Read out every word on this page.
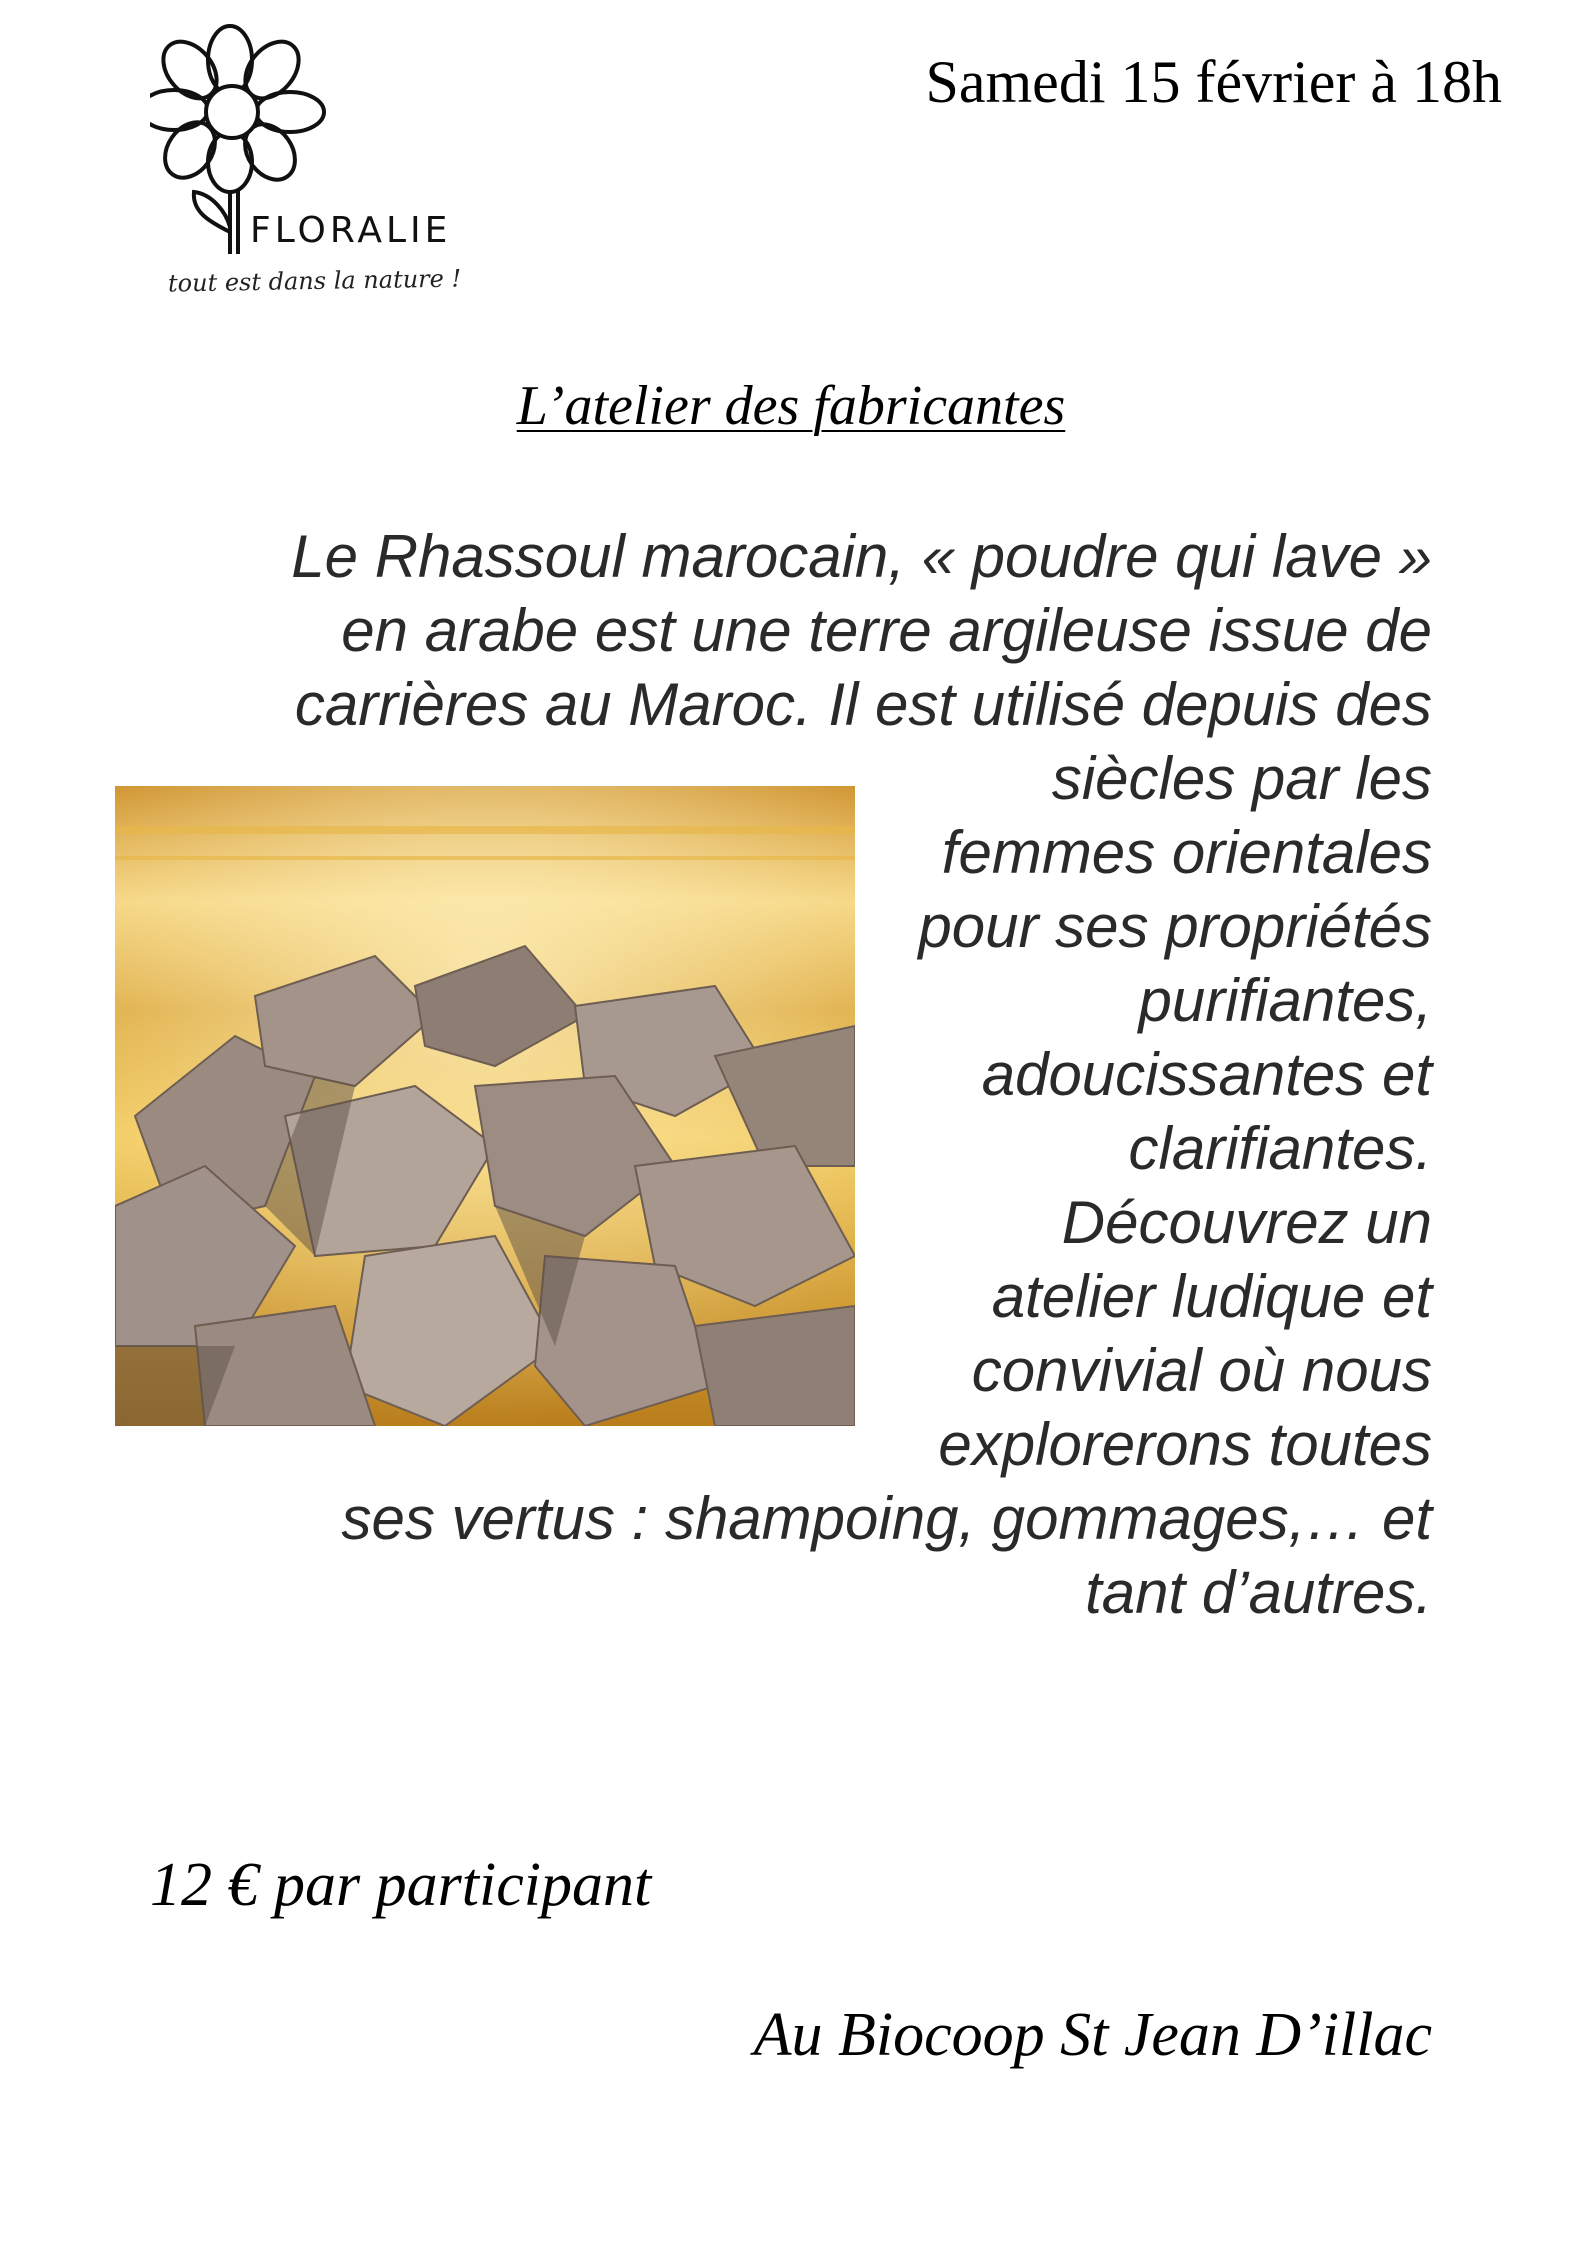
FLORALIE
tout est dans la nature !
Samedi 15 février à 18h
L’atelier des fabricantes
Le Rhassoul marocain, « poudre qui lave »
en arabe est une terre argileuse issue de
carrières au Maroc. Il est utilisé depuis des
siècles par les
femmes orientales
pour ses propriétés
purifiantes,
adoucissantes et
clarifiantes.
Découvrez un
atelier ludique et
convivial où nous
explorerons toutes
ses vertus : shampoing, gommages,… et
tant d’autres.
12 € par participant
Au Biocoop St Jean D’illac
